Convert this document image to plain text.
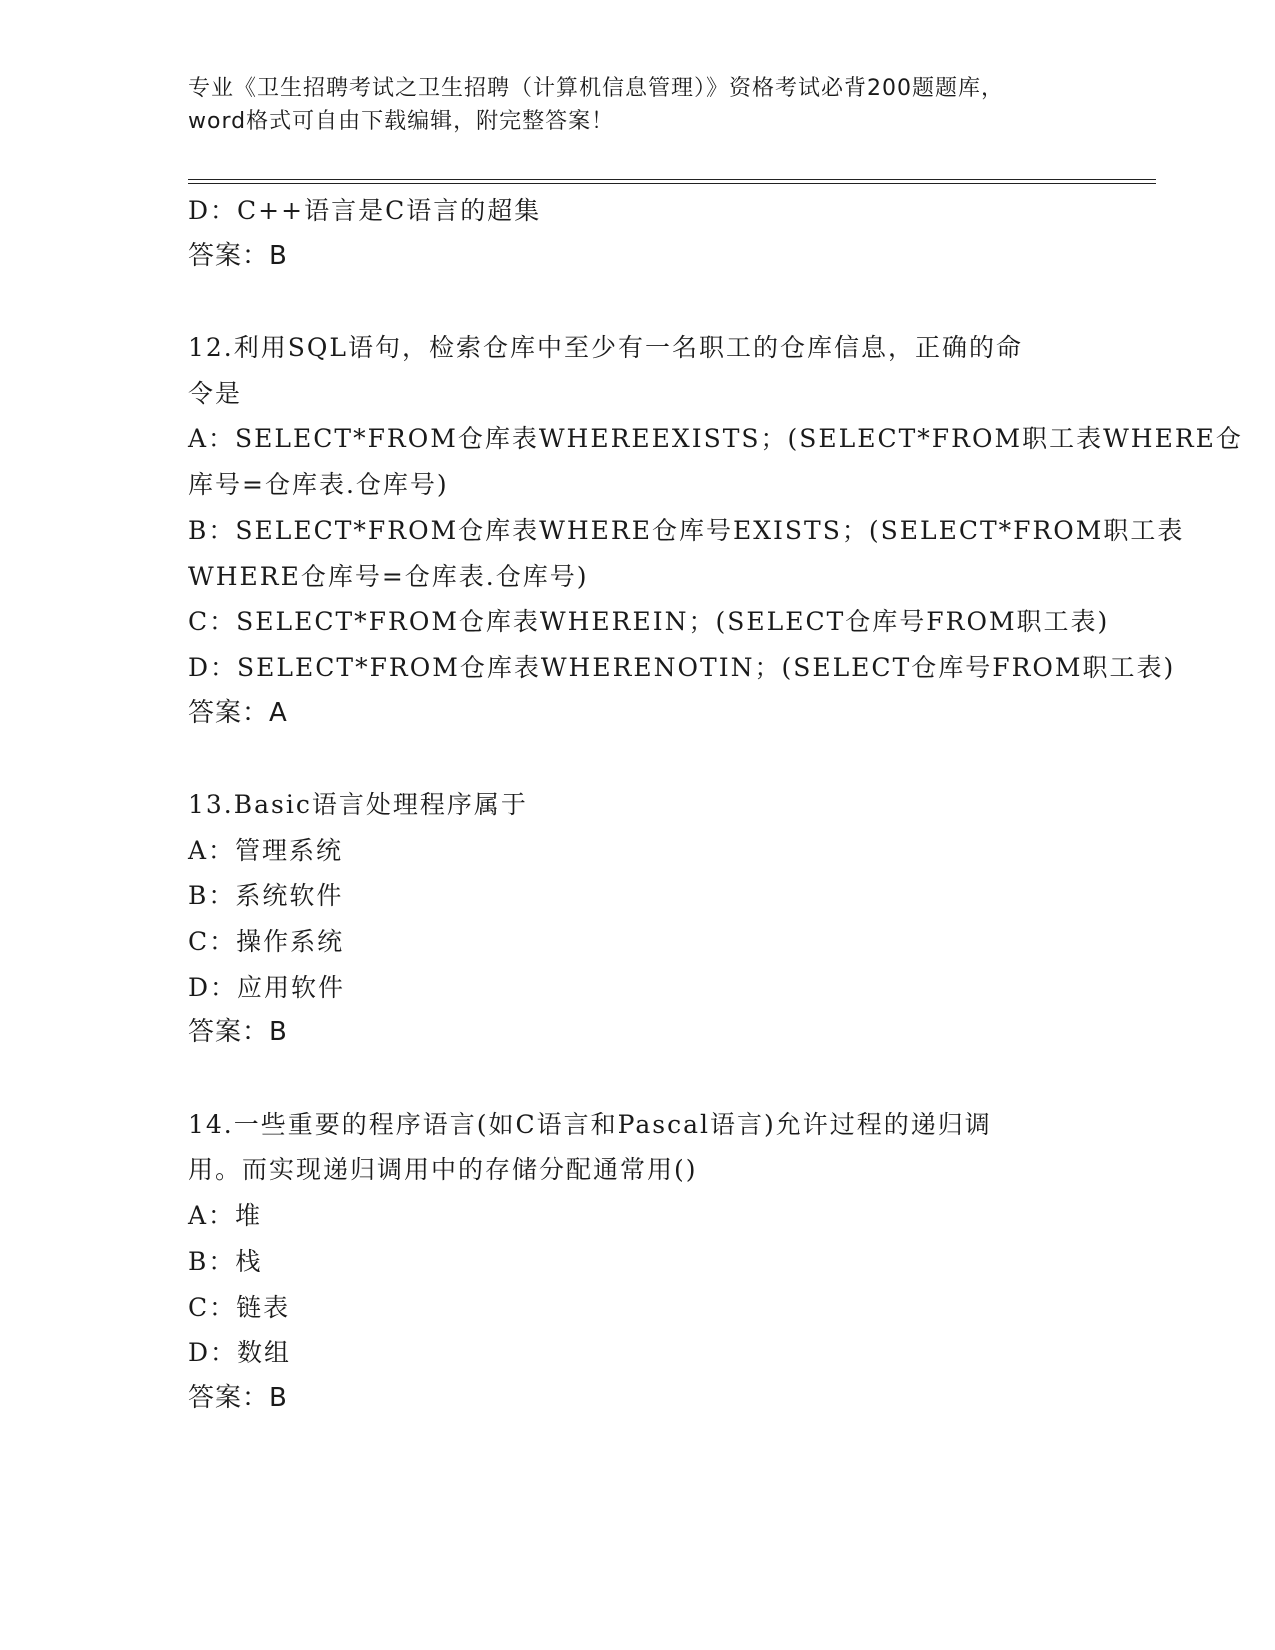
专业《卫生招聘考试之卫生招聘（计算机信息管理）》资格考试必背200题题库，
word格式可自由下载编辑，附完整答案！
D：C++语言是C语言的超集
答案：B
12.利用SQL语句，检索仓库中至少有一名职工的仓库信息，正确的命
令是
A：SELECT*FROM仓库表WHEREEXISTS；(SELECT*FROM职工表WHERE仓
库号=仓库表.仓库号)
B：SELECT*FROM仓库表WHERE仓库号EXISTS；(SELECT*FROM职工表
WHERE仓库号=仓库表.仓库号)
C：SELECT*FROM仓库表WHEREIN；(SELECT仓库号FROM职工表)
D：SELECT*FROM仓库表WHERENOTIN；(SELECT仓库号FROM职工表)
答案：A
13.Basic语言处理程序属于
A：管理系统
B：系统软件
C：操作系统
D：应用软件
答案：B
14.一些重要的程序语言(如C语言和Pascal语言)允许过程的递归调
用。而实现递归调用中的存储分配通常用()
A：堆
B：栈
C：链表
D：数组
答案：B
